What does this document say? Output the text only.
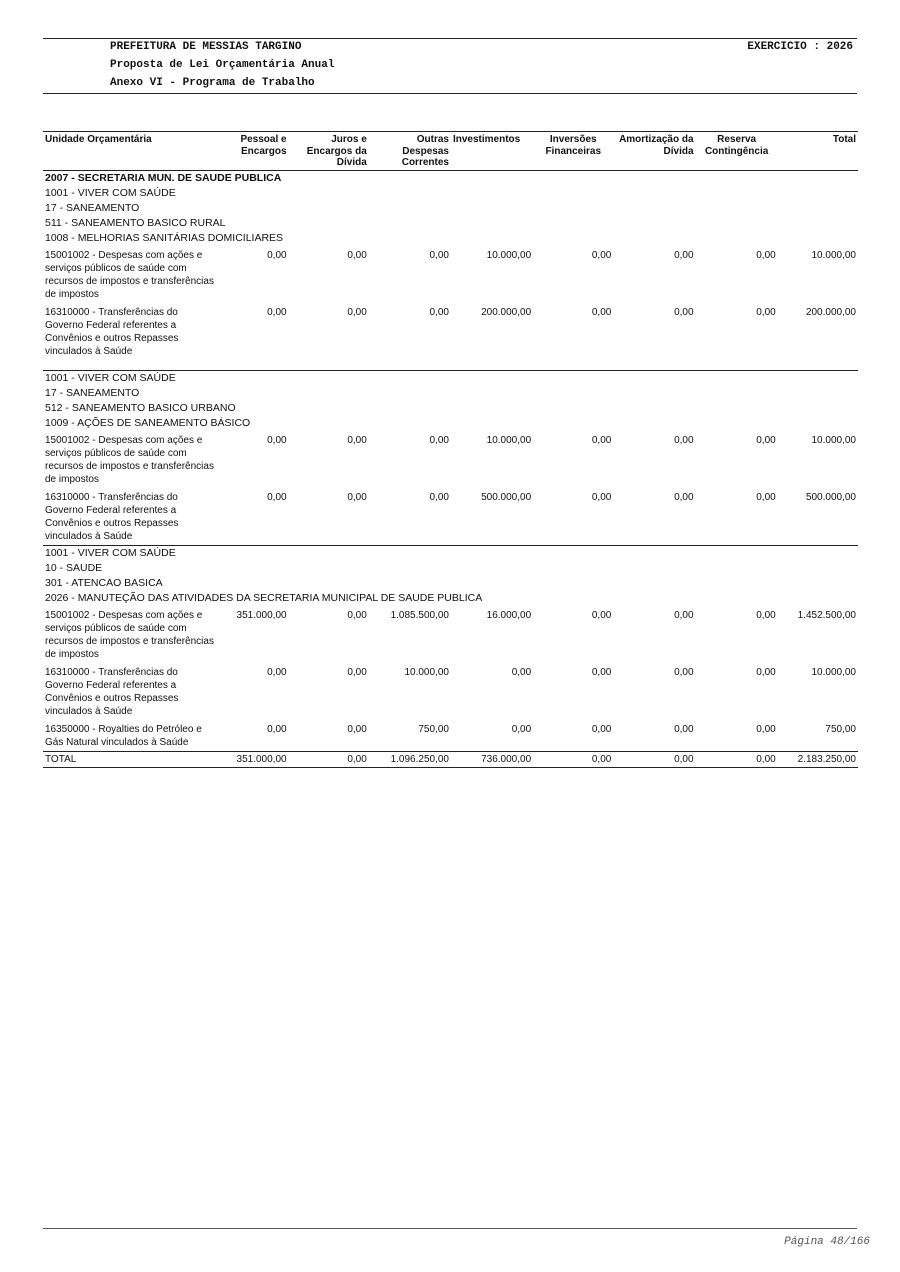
PREFEITURA DE MESSIAS TARGINO	EXERCICIO : 2026
Proposta de Lei Orçamentária Anual
Anexo VI - Programa de Trabalho
Unidade Orçamentária	Pessoal e Encargos	Juros e Encargos da Dívida	Outras Despesas Correntes	Investimentos	Inversões Financeiras	Amortização da Dívida	Reserva Contingência	Total
2007 - SECRETARIA MUN. DE SAUDE PUBLICA								
1001 - VIVER COM SAÚDE								
17 - SANEAMENTO								
511 - SANEAMENTO BASICO RURAL								
1008 - MELHORIAS SANITÁRIAS DOMICILIARES								
15001002 - Despesas com ações e serviços públicos de saúde com recursos de impostos e transferências de impostos	0,00	0,00	0,00	10.000,00	0,00	0,00	0,00	10.000,00
16310000 - Transferências do Governo Federal referentes a Convênios e outros Repasses vinculados à Saúde	0,00	0,00	0,00	200.000,00	0,00	0,00	0,00	200.000,00

1001 - VIVER COM SAÚDE								
17 - SANEAMENTO								
512 - SANEAMENTO BASICO URBANO								
1009 - AÇÕES DE SANEAMENTO BÁSICO								
15001002 - Despesas com ações e serviços públicos de saúde com recursos de impostos e transferências de impostos	0,00	0,00	0,00	10.000,00	0,00	0,00	0,00	10.000,00
16310000 - Transferências do Governo Federal referentes a Convênios e outros Repasses vinculados à Saúde	0,00	0,00	0,00	500.000,00	0,00	0,00	0,00	500.000,00
1001 - VIVER COM SAÚDE								
10 - SAUDE								
301 - ATENCAO BASICA								
2026 - MANUTEÇÃO DAS ATIVIDADES DA SECRETARIA MUNICIPAL DE SAUDE PUBLICA								
15001002 - Despesas com ações e serviços públicos de saúde com recursos de impostos e transferências de impostos	351.000,00	0,00	1.085.500,00	16.000,00	0,00	0,00	0,00	1.452.500,00
16310000 - Transferências do Governo Federal referentes a Convênios e outros Repasses vinculados à Saúde	0,00	0,00	10.000,00	0,00	0,00	0,00	0,00	10.000,00
16350000 - Royalties do Petróleo e Gás Natural vinculados à Saúde	0,00	0,00	750,00	0,00	0,00	0,00	0,00	750,00
TOTAL	351.000,00	0,00	1.096.250,00	736.000,00	0,00	0,00	0,00	2.183.250,00
Página 48/166
